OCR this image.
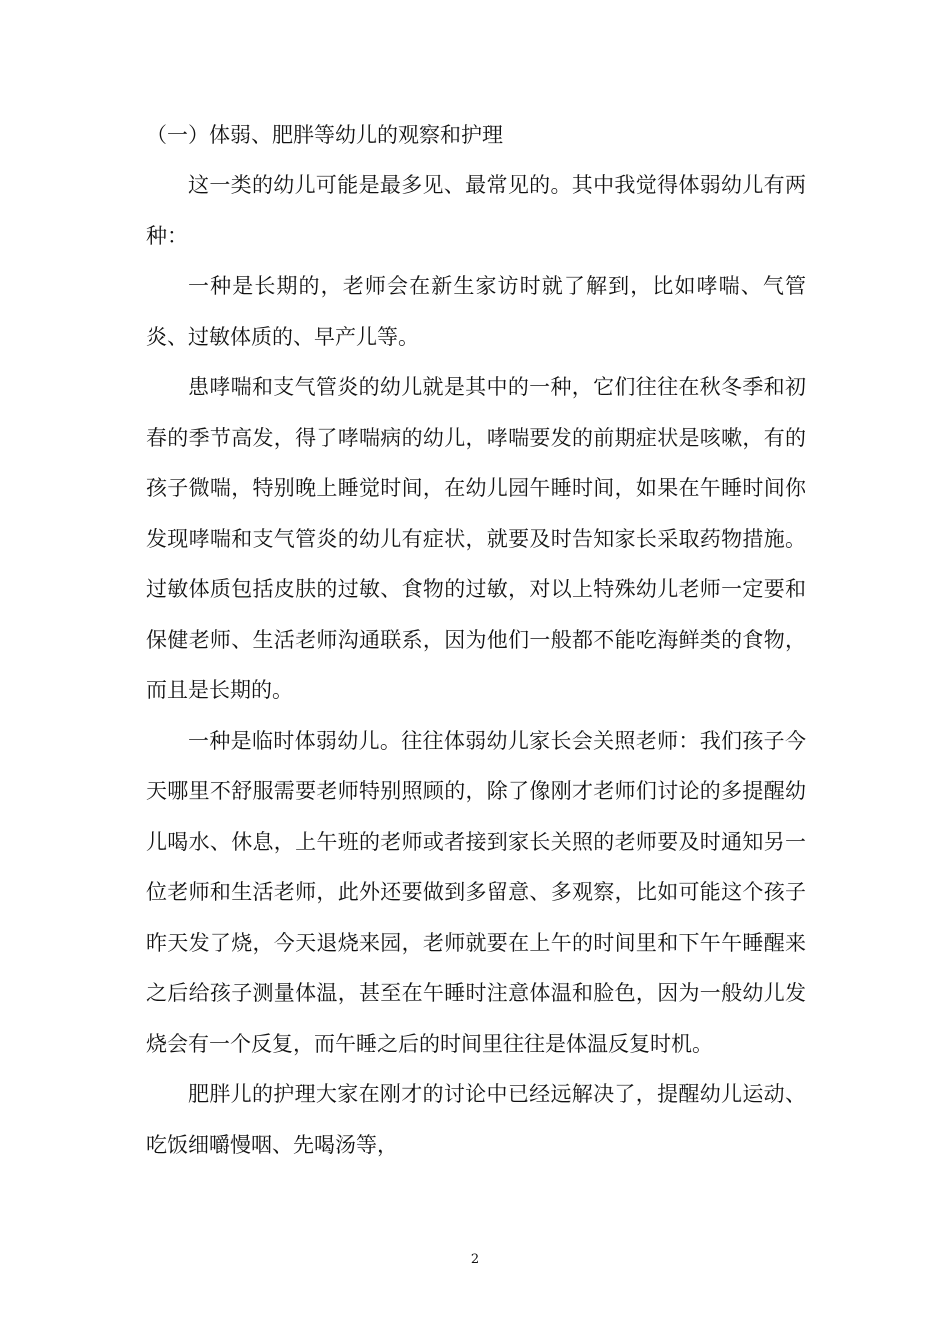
（一）体弱、肥胖等幼儿的观察和护理

这一类的幼儿可能是最多见、最常见的。其中我觉得体弱幼儿有两种：

一种是长期的，老师会在新生家访时就了解到，比如哮喘、气管炎、过敏体质的、早产儿等。

患哮喘和支气管炎的幼儿就是其中的一种，它们往往在秋冬季和初春的季节高发，得了哮喘病的幼儿，哮喘要发的前期症状是咳嗽，有的孩子微喘，特别晚上睡觉时间，在幼儿园午睡时间，如果在午睡时间你发现哮喘和支气管炎的幼儿有症状，就要及时告知家长采取药物措施。过敏体质包括皮肤的过敏、食物的过敏，对以上特殊幼儿老师一定要和保健老师、生活老师沟通联系，因为他们一般都不能吃海鲜类的食物，而且是长期的。

一种是临时体弱幼儿。往往体弱幼儿家长会关照老师：我们孩子今天哪里不舒服需要老师特别照顾的，除了像刚才老师们讨论的多提醒幼儿喝水、休息，上午班的老师或者接到家长关照的老师要及时通知另一位老师和生活老师，此外还要做到多留意、多观察，比如可能这个孩子昨天发了烧，今天退烧来园，老师就要在上午的时间里和下午午睡醒来之后给孩子测量体温，甚至在午睡时注意体温和脸色，因为一般幼儿发烧会有一个反复，而午睡之后的时间里往往是体温反复时机。

肥胖儿的护理大家在刚才的讨论中已经远解决了，提醒幼儿运动、吃饭细嚼慢咽、先喝汤等，

2
